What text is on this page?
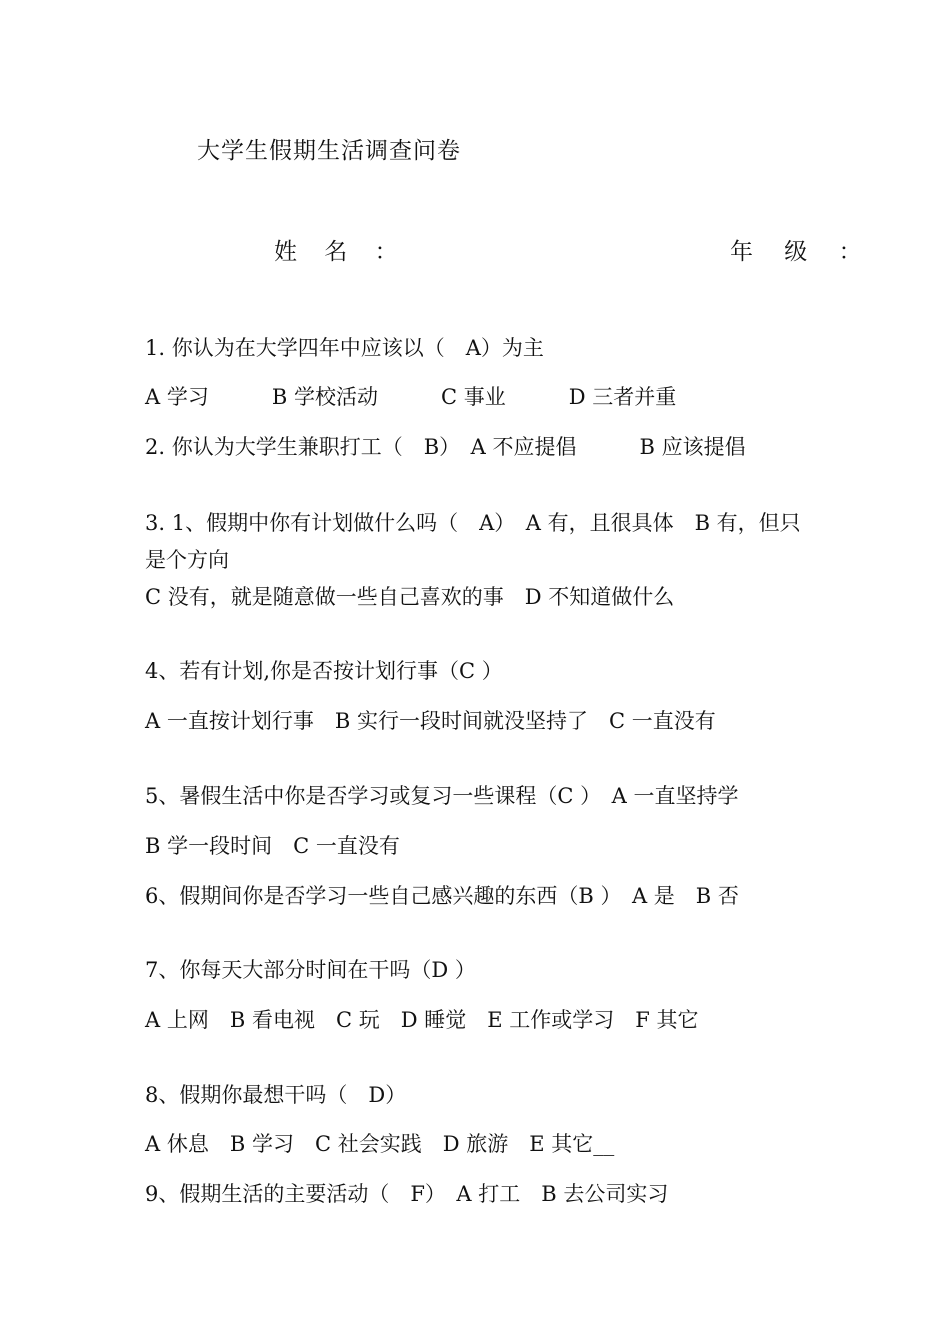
大学生假期生活调查问卷
姓 名 ：	年 级 ：
1. 你认为在大学四年中应该以（　A）为主
A 学习　　　B 学校活动　　　C 事业　　　D 三者并重
2. 你认为大学生兼职打工（　B）　A 不应提倡　　　B 应该提倡
3. 1、假期中你有计划做什么吗（　A）　A 有，且很具体　B 有，但只是个方向
C 没有，就是随意做一些自己喜欢的事　D 不知道做什么
4、若有计划,你是否按计划行事（C ）
A 一直按计划行事　B 实行一段时间就没坚持了　C 一直没有
5、暑假生活中你是否学习或复习一些课程（C ）　A 一直坚持学
B 学一段时间　C 一直没有
6、假期间你是否学习一些自己感兴趣的东西（B ）　A 是　B 否
7、你每天大部分时间在干吗（D ）
A 上网　B 看电视　C 玩　D 睡觉　E 工作或学习　F 其它
8、假期你最想干吗（　D）
A 休息　B 学习　C 社会实践　D 旅游　E 其它__
9、假期生活的主要活动（　F）　A 打工　B 去公司实习
